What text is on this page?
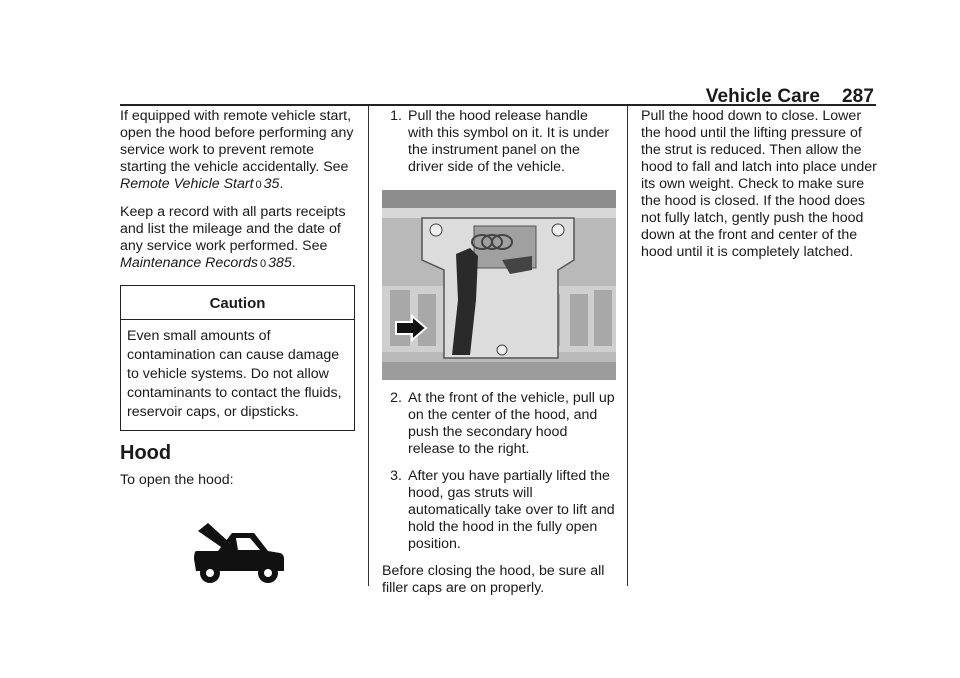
Vehicle Care 287

If equipped with remote vehicle start, open the hood before performing any service work to prevent remote starting the vehicle accidentally. See Remote Vehicle Start 0 35.

Keep a record with all parts receipts and list the mileage and the date of any service work performed. See Maintenance Records 0 385.

Caution
Even small amounts of contamination can cause damage to vehicle systems. Do not allow contaminants to contact the fluids, reservoir caps, or dipsticks.
Hood

To open the hood:

1. Pull the hood release handle with this symbol on it. It is under the instrument panel on the driver side of the vehicle.
2. At the front of the vehicle, pull up on the center of the hood, and push the secondary hood release to the right.
3. After you have partially lifted the hood, gas struts will automatically take over to lift and hold the hood in the fully open position.

Before closing the hood, be sure all filler caps are on properly.

Pull the hood down to close. Lower the hood until the lifting pressure of the strut is reduced. Then allow the hood to fall and latch into place under its own weight. Check to make sure the hood is closed. If the hood does not fully latch, gently push the hood down at the front and center of the hood until it is completely latched.
